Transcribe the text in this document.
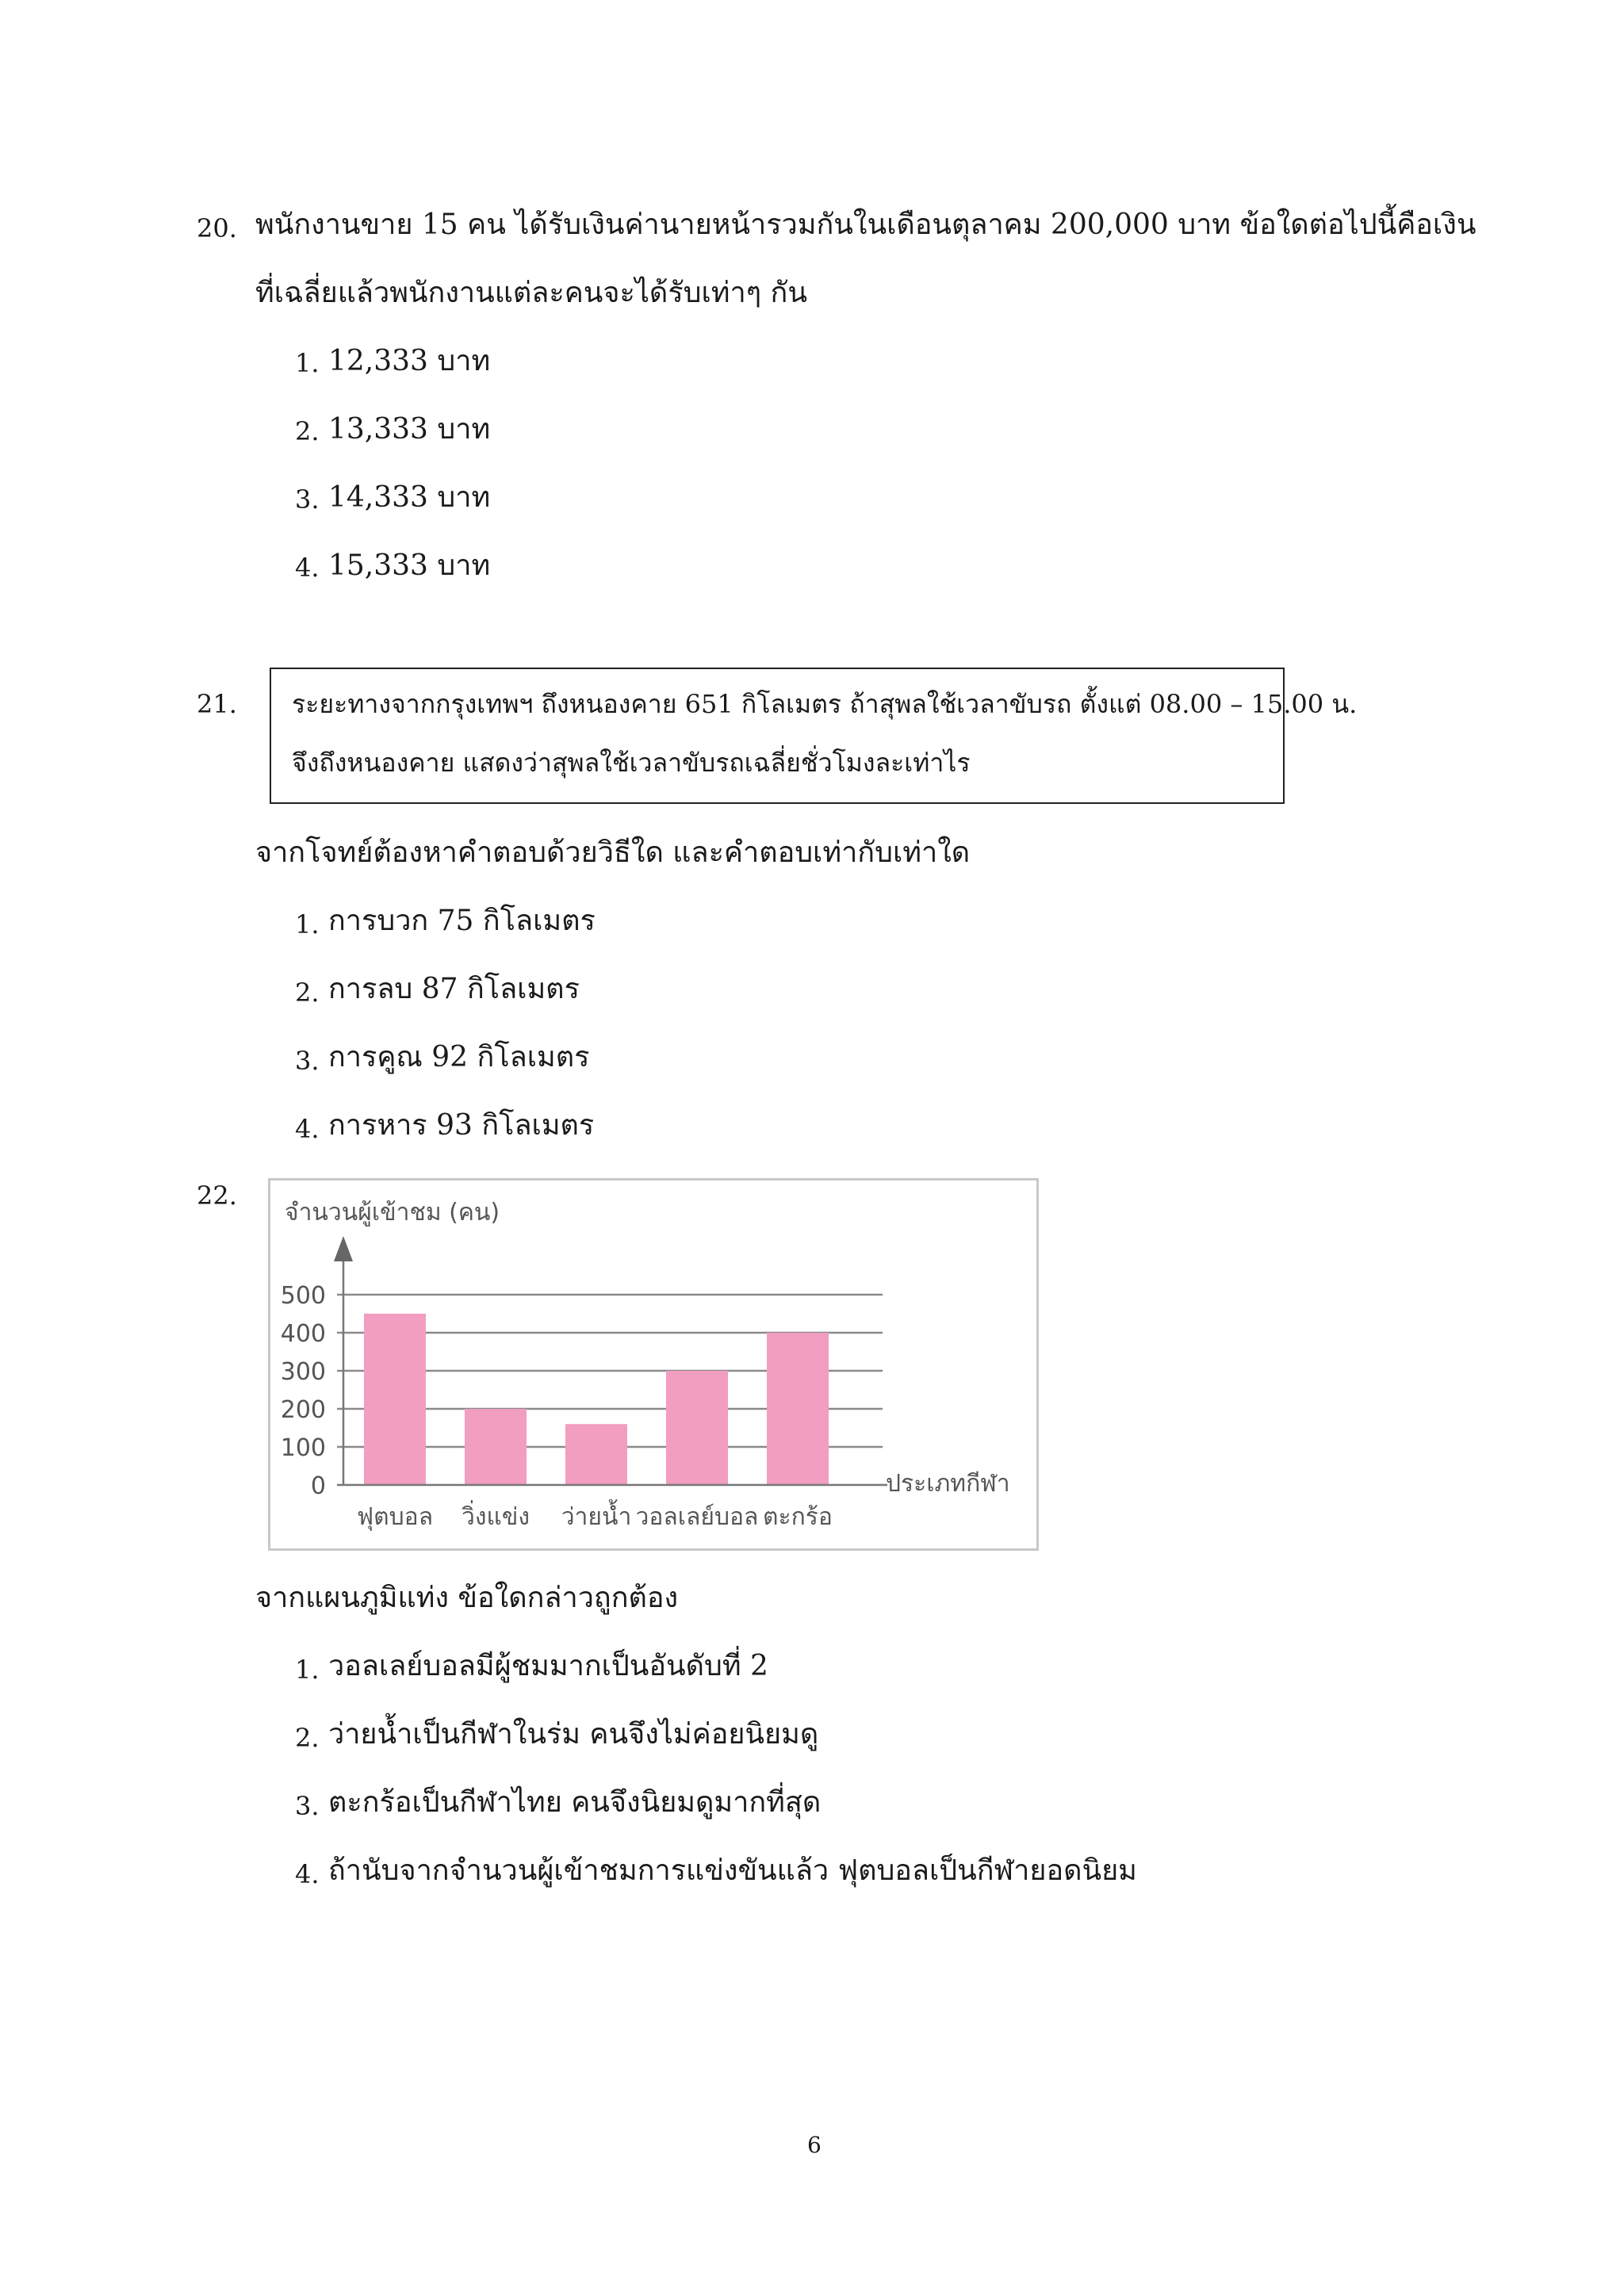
20. พนักงานขาย 15 คน ได้รับเงินค่านายหน้ารวมกันในเดือนตุลาคม 200,000 บาท ข้อใดต่อไปนี้คือเงิน
ที่เฉลี่ยแล้วพนักงานแต่ละคนจะได้รับเท่าๆ กัน
1. 12,333 บาท
2. 13,333 บาท
3. 14,333 บาท
4. 15,333 บาท
21. ระยะทางจากกรุงเทพฯ ถึงหนองคาย 651 กิโลเมตร ถ้าสุพลใช้เวลาขับรถ ตั้งแต่ 08.00 – 15.00 น.
จึงถึงหนองคาย แสดงว่าสุพลใช้เวลาขับรถเฉลี่ยชั่วโมงละเท่าไร
จากโจทย์ต้องหาคำตอบด้วยวิธีใด และคำตอบเท่ากับเท่าใด
1. การบวก 75 กิโลเมตร
2. การลบ 87 กิโลเมตร
3. การคูณ 92 กิโลเมตร
4. การหาร 93 กิโลเมตร
22.
จำนวนผู้เข้าชม (คน)
0
100
200
300
400
500
ฟุตบอล วิ่งแข่ง ว่ายน้ำ วอลเลย์บอล ตะกร้อ
ประเภทกีฬา
จากแผนภูมิแท่ง ข้อใดกล่าวถูกต้อง
1. วอลเลย์บอลมีผู้ชมมากเป็นอันดับที่ 2
2. ว่ายน้ำเป็นกีฬาในร่ม คนจึงไม่ค่อยนิยมดู
3. ตะกร้อเป็นกีฬาไทย คนจึงนิยมดูมากที่สุด
4. ถ้านับจากจำนวนผู้เข้าชมการแข่งขันแล้ว ฟุตบอลเป็นกีฬายอดนิยม
6
